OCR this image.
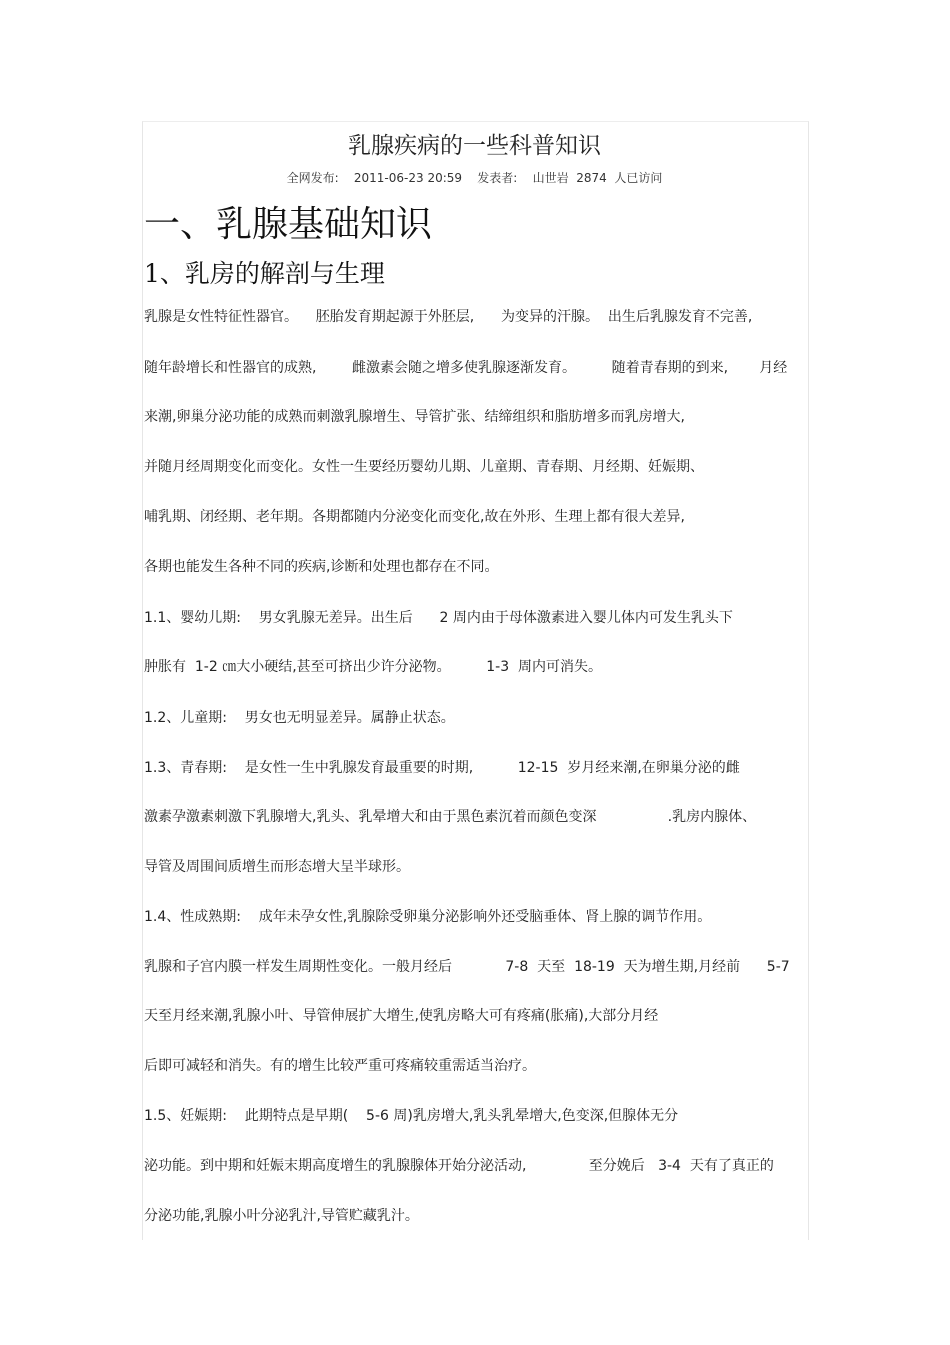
乳腺疾病的一些科普知识
全网发布:    2011-06-23 20:59    发表者:    山世岩  2874  人已访问
一、乳腺基础知识
1、乳房的解剖与生理
乳腺是女性特征性器官。    胚胎发育期起源于外胚层,      为变异的汗腺。  出生后乳腺发育不完善,
随年龄增长和性器官的成熟,        雌激素会随之增多使乳腺逐渐发育。        随着青春期的到来,       月经
来潮,卵巢分泌功能的成熟而刺激乳腺增生、导管扩张、结缔组织和脂肪增多而乳房增大,
并随月经周期变化而变化。女性一生要经历婴幼儿期、儿童期、青春期、月经期、妊娠期、
哺乳期、闭经期、老年期。各期都随内分泌变化而变化,故在外形、生理上都有很大差异,
各期也能发生各种不同的疾病,诊断和处理也都存在不同。
1.1、婴幼儿期:    男女乳腺无差异。出生后      2 周内由于母体激素进入婴儿体内可发生乳头下
肿胀有  1-2 ㎝大小硬结,甚至可挤出少许分泌物。        1-3  周内可消失。
1.2、儿童期:    男女也无明显差异。属静止状态。
1.3、青春期:    是女性一生中乳腺发育最重要的时期,          12-15  岁月经来潮,在卵巢分泌的雌
激素孕激素刺激下乳腺增大,乳头、乳晕增大和由于黑色素沉着而颜色变深                .乳房内腺体、
导管及周围间质增生而形态增大呈半球形。
1.4、性成熟期:    成年未孕女性,乳腺除受卵巢分泌影响外还受脑垂体、肾上腺的调节作用。
乳腺和子宫内膜一样发生周期性变化。一般月经后            7-8  天至  18-19  天为增生期,月经前      5-7
天至月经来潮,乳腺小叶、导管伸展扩大增生,使乳房略大可有疼痛(胀痛),大部分月经
后即可减轻和消失。有的增生比较严重可疼痛较重需适当治疗。
1.5、妊娠期:    此期特点是早期(    5-6 周)乳房增大,乳头乳晕增大,色变深,但腺体无分
泌功能。到中期和妊娠末期高度增生的乳腺腺体开始分泌活动,              至分娩后   3-4  天有了真正的
分泌功能,乳腺小叶分泌乳汁,导管贮藏乳汁。
